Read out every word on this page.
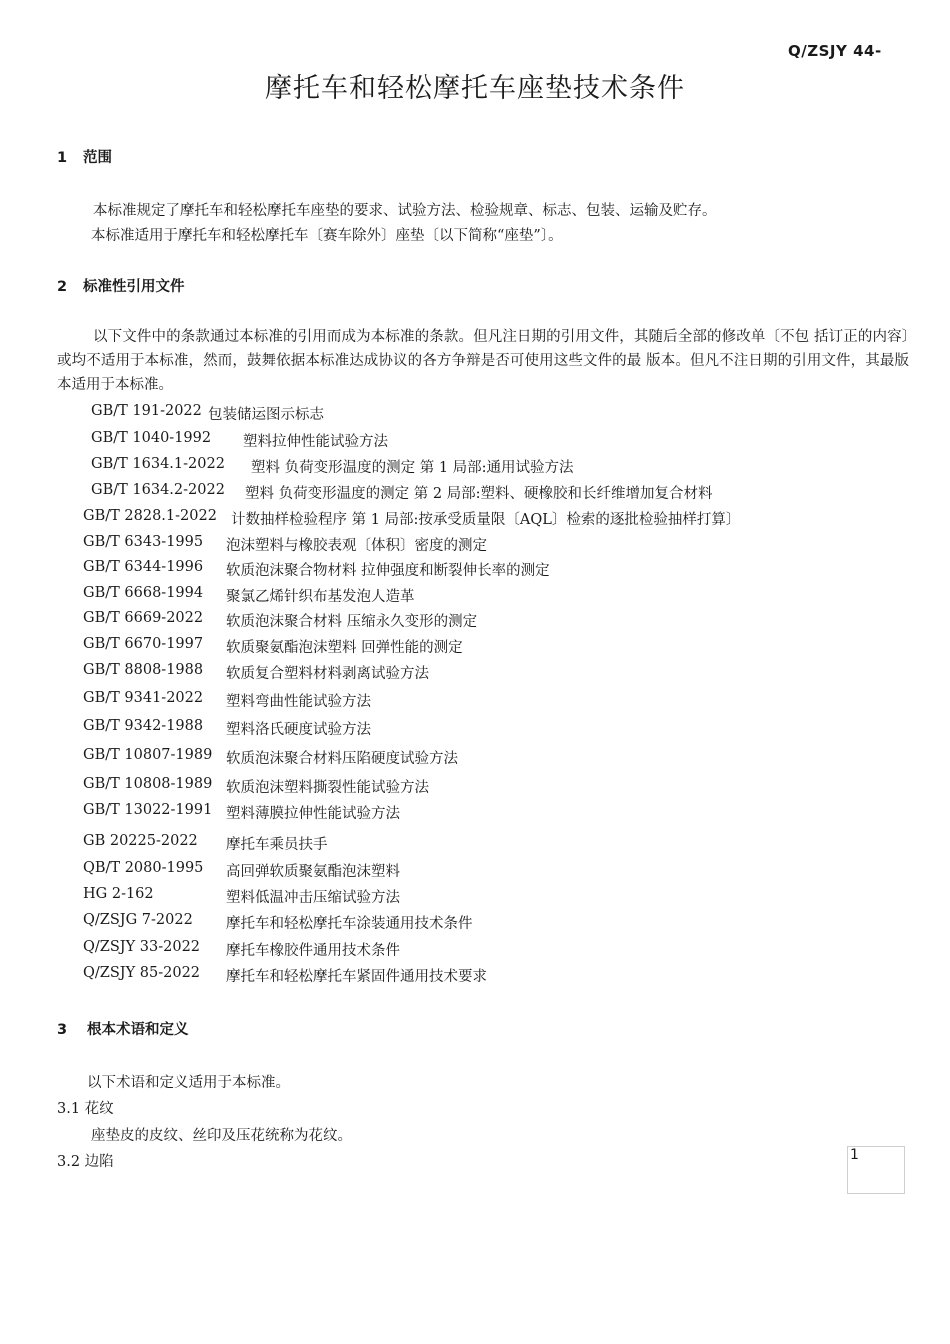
Q/ZSJY 44-
摩托车和轻松摩托车座垫技术条件
1 范围
本标准规定了摩托车和轻松摩托车座垫的要求、试验方法、检验规章、标志、包装、运输及贮存。
本标准适用于摩托车和轻松摩托车〔赛车除外〕座垫〔以下简称“座垫”〕。
2 标准性引用文件
以下文件中的条款通过本标准的引用而成为本标准的条款。但凡注日期的引用文件，其随后全部的修改单〔不包 括订正的内容〕或均不适用于本标准，然而，鼓舞依据本标准达成协议的各方争辩是否可使用这些文件的最 版本。但凡不注日期的引用文件，其最版本适用于本标准。
GB/T 191-2022 包装储运图示标志
GB/T 1040-1992 塑料拉伸性能试验方法
GB/T 1634.1-2022 塑料 负荷变形温度的测定 第 1 局部:通用试验方法
GB/T 1634.2-2022 塑料 负荷变形温度的测定 第 2 局部:塑料、硬橡胶和长纤维增加复合材料
GB/T 2828.1-2022 计数抽样检验程序 第 1 局部:按承受质量限〔AQL〕检索的逐批检验抽样打算〕
GB/T 6343-1995 泡沫塑料与橡胶表观〔体积〕密度的测定
GB/T 6344-1996 软质泡沫聚合物材料 拉伸强度和断裂伸长率的测定
GB/T 6668-1994 聚氯乙烯针织布基发泡人造革
GB/T 6669-2022 软质泡沫聚合材料 压缩永久变形的测定
GB/T 6670-1997 软质聚氨酯泡沫塑料 回弹性能的测定
GB/T 8808-1988 软质复合塑料材料剥离试验方法
GB/T 9341-2022 塑料弯曲性能试验方法
GB/T 9342-1988 塑料洛氏硬度试验方法
GB/T 10807-1989 软质泡沫聚合材料压陷硬度试验方法
GB/T 10808-1989 软质泡沫塑料撕裂性能试验方法
GB/T 13022-1991 塑料薄膜拉伸性能试验方法
GB 20225-2022 摩托车乘员扶手
QB/T 2080-1995 高回弹软质聚氨酯泡沫塑料
HG 2-162	塑料低温冲击压缩试验方法
Q/ZSJG 7-2022 摩托车和轻松摩托车涂装通用技术条件
Q/ZSJY 33-2022 摩托车橡胶件通用技术条件
Q/ZSJY 85-2022 摩托车和轻松摩托车紧固件通用技术要求
3 根本术语和定义
以下术语和定义适用于本标准。
3.1 花纹
座垫皮的皮纹、丝印及压花统称为花纹。
3.2 边陷	1
